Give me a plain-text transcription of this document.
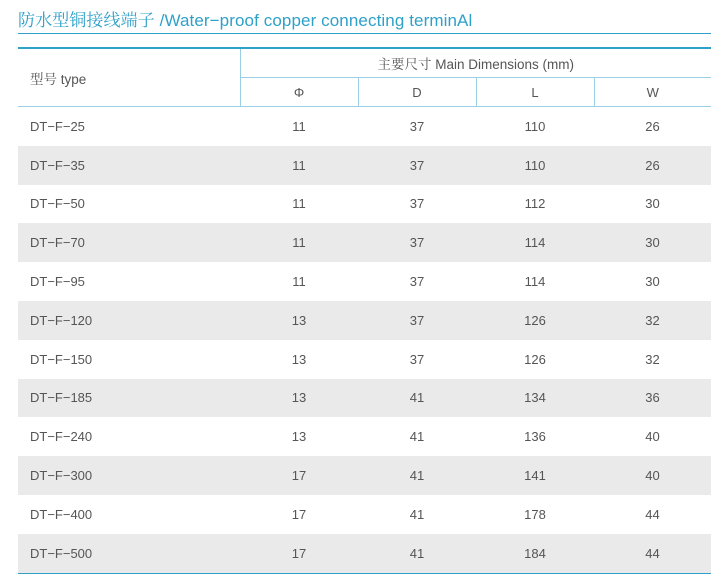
防水型铜接线端子 /Water−proof copper connecting terminAl
型号 type	主要尺寸 Main Dimensions (mm)			
	Φ	D	L	W
DT−F−25	11	37	110	26
DT−F−35	11	37	110	26
DT−F−50	11	37	112	30
DT−F−70	11	37	114	30
DT−F−95	11	37	114	30
DT−F−120	13	37	126	32
DT−F−150	13	37	126	32
DT−F−185	13	41	134	36
DT−F−240	13	41	136	40
DT−F−300	17	41	141	40
DT−F−400	17	41	178	44
DT−F−500	17	41	184	44
